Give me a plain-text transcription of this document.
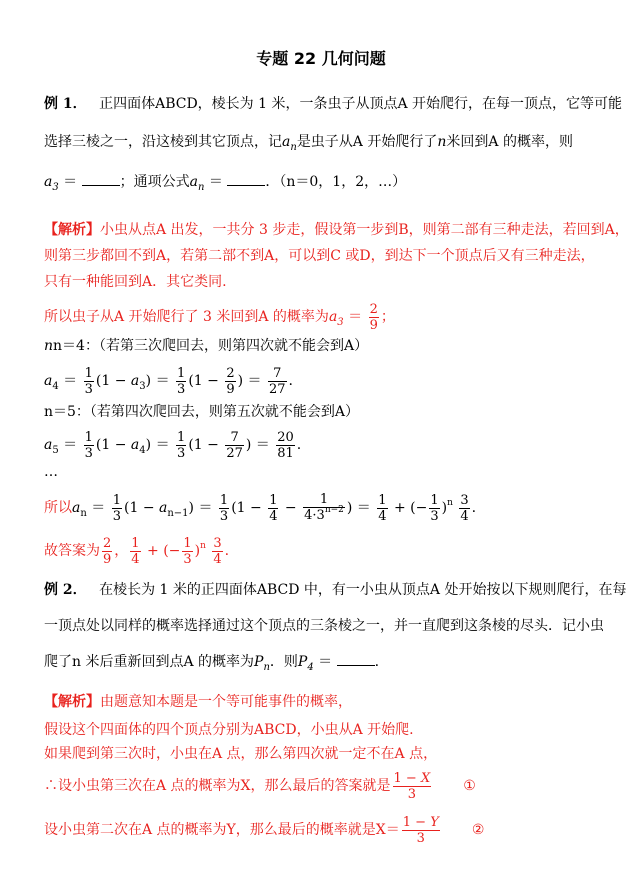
专题 22 几何问题
例 1． 正四面体ABCD，棱长为 1 米，一条虫子从顶点A 开始爬行，在每一顶点，它等可能
选择三棱之一，沿这棱到其它顶点，记$a_n$是虫子从A 开始爬行了n米回到A 的概率，则
$a_3$ ＝	；通项公式$a_n$ ＝	．（n＝0，1，2，…）
【解析】小虫从点A 出发，一共分 3 步走，假设第一步到B，则第二部有三种走法，若回到A，
则第三步都回不到A，若第二部不到A，可以到C 或D，到达下一个顶点后又有三种走法，
只有一种能回到A．其它类同.
所以虫子从A 开始爬行了 3 米回到A 的概率为$a_3 = \frac{2}{9}$ ；
nn＝4：（若第三次爬回去，则第四次就不能会到A）
$a_4 = \frac{1}{3} (1 - a_3) = \frac{1}{3} (1 - \frac{2}{9}$ ) ＝ $\frac{7}{27}$ .
n＝5：（若第四次爬回去，则第五次就不能会到A）
$a_5 = \frac{1}{3} (1 - a_4) = \frac{1}{3} (1 - \frac{7}{27}$ ) ＝ $\frac{20}{81}$ .
…
所以$a_n = \frac{1}{3} (1 - a_{n-1}) = \frac{1}{3} (1 - \frac{1}{4} - \frac{1}{4\cdot 3^{n-2}}$ ) ＝ $\frac{1}{4}$ + (− $\frac{1}{3} )^n \frac{3}{4}$ .
故答案为 $\frac{2}{9}$ ， $\frac{1}{4}$ + (− $\frac{1}{3} )^n \frac{3}{4}$ .
例 2． 在棱长为 1 米的正四面体ABCD 中，有一小虫从顶点A 处开始按以下规则爬行，在每
一顶点处以同样的概率选择通过这个顶点的三条棱之一，并一直爬到这条棱的尽头．记小虫
爬了n 米后重新回到点A 的概率为$P_n$．则$P_4$ ＝	.
【解析】由题意知本题是一个等可能事件的概率，
假设这个四面体的四个顶点分别为ABCD，小虫从A 开始爬.
如果爬到第三次时，小虫在A 点，那么第四次就一定不在A 点，
∴设小虫第三次在A 点的概率为X，那么最后的答案就是 $\frac{1 - X}{3}$ ①
设小虫第二次在A 点的概率为Y，那么最后的概率就是$X= \frac{1 - Y}{3}$ ②
